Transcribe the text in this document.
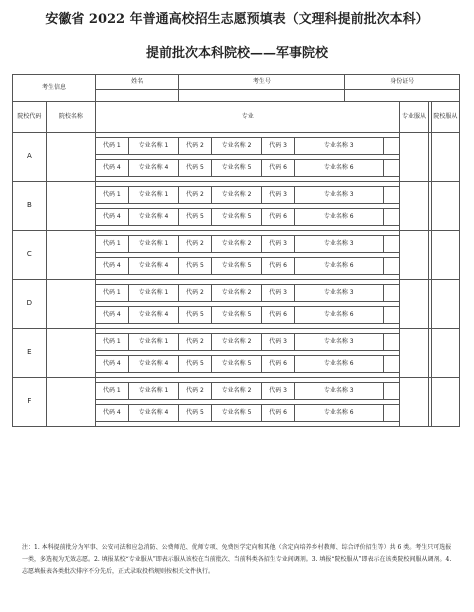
安徽省 2022 年普通高校招生志愿预填表（文理科提前批次本科）
提前批次本科院校——军事院校
考生信息		姓名		考生号				身份证号			

院校代码	院校名称	专业							专业服从		院校服从
A											
		代码 1	专业名称 1	代码 2	专业名称 2	代码 3	专业名称 3				

		代码 4	专业名称 4	代码 5	专业名称 5	代码 6	专业名称 6				

B											
		代码 1	专业名称 1	代码 2	专业名称 2	代码 3	专业名称 3				

		代码 4	专业名称 4	代码 5	专业名称 5	代码 6	专业名称 6				

C											
		代码 1	专业名称 1	代码 2	专业名称 2	代码 3	专业名称 3				

		代码 4	专业名称 4	代码 5	专业名称 5	代码 6	专业名称 6				

D											
		代码 1	专业名称 1	代码 2	专业名称 2	代码 3	专业名称 3				

		代码 4	专业名称 4	代码 5	专业名称 5	代码 6	专业名称 6				

E											
		代码 1	专业名称 1	代码 2	专业名称 2	代码 3	专业名称 3				

		代码 4	专业名称 4	代码 5	专业名称 5	代码 6	专业名称 6				

F											
		代码 1	专业名称 1	代码 2	专业名称 2	代码 3	专业名称 3				

		代码 4	专业名称 4	代码 5	专业名称 5	代码 6	专业名称 6				

注：1. 本科提前批分为军事、公安司法和应急消防、公费师范、优师专项、免费医学定向和其他（含定向培养乡村教师、综合评价招生等）共 6 类。考生只可选报一类，多选视为无效志愿。2. 填报某校“专业服从”即表示服从该校在当前批次、当前科类各招生专业间调剂。3. 填报“院校服从”即表示在该类院校间服从调剂。4. 志愿填报表各类批次排序不分先后，正式录取投档规则按相关文件执行。
